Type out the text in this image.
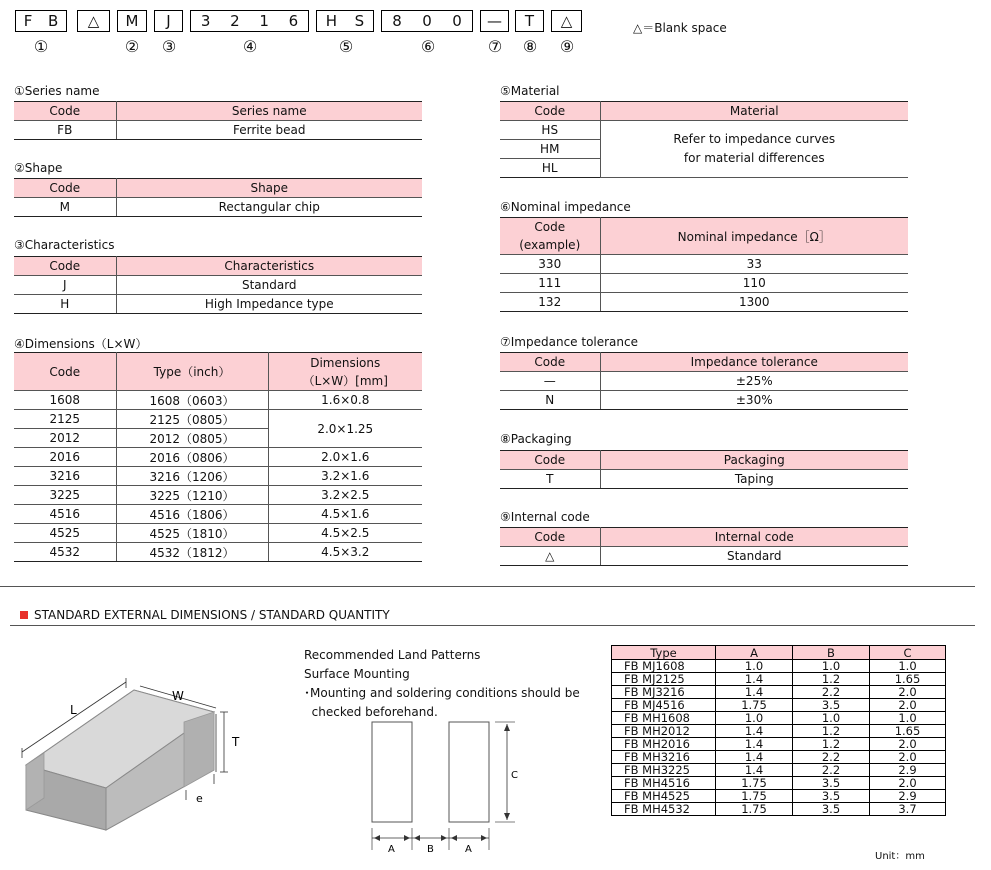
F B △ M J 3 2 1 6 H S 8 0 0 — T △
①	②	③	④	⑤	⑥	⑦	⑧	⑨
△＝Blank space
①Series name
Code	Series name
FB	Ferrite bead
②Shape
Code	Shape
M	Rectangular chip
③Characteristics
Code	Characteristics
J	Standard
H	High Impedance type
④Dimensions（L×W）
Code	Type（inch）	Dimensions
（L×W）[mm]
1608	1608（0603）	1.6×0.8
2125	2125（0805）	2.0×1.25
2012	2012（0805）	
2016	2016（0806）	2.0×1.6
3216	3216（1206）	3.2×1.6
3225	3225（1210）	3.2×2.5
4516	4516（1806）	4.5×1.6
4525	4525（1810）	4.5×2.5
4532	4532（1812）	4.5×3.2
⑤Material
Code	Material
HS	Refer to impedance curves
for material differences
HM	
HL	
⑥Nominal impedance
Code
(example)	Nominal impedance［Ω］
330	33
111	110
132	1300
⑦Impedance tolerance
Code	Impedance tolerance
—	±25%
N	±30%
⑧Packaging
Code	Packaging
T	Taping
⑨Internal code
Code	Internal code
△	Standard
STANDARD EXTERNAL DIMENSIONS / STANDARD QUANTITY
L
W
T
e
Recommended Land Patterns
Surface Mounting
･Mounting and soldering conditions should be
checked beforehand.
A	B	A
C
Type	A	B	C
FB MJ1608	1.0	1.0	1.0
FB MJ2125	1.4	1.2	1.65
FB MJ3216	1.4	2.2	2.0
FB MJ4516	1.75	3.5	2.0
FB MH1608	1.0	1.0	1.0
FB MH2012	1.4	1.2	1.65
FB MH2016	1.4	1.2	2.0
FB MH3216	1.4	2.2	2.0
FB MH3225	1.4	2.2	2.9
FB MH4516	1.75	3.5	2.0
FB MH4525	1.75	3.5	2.9
FB MH4532	1.75	3.5	3.7
Unit：mm
